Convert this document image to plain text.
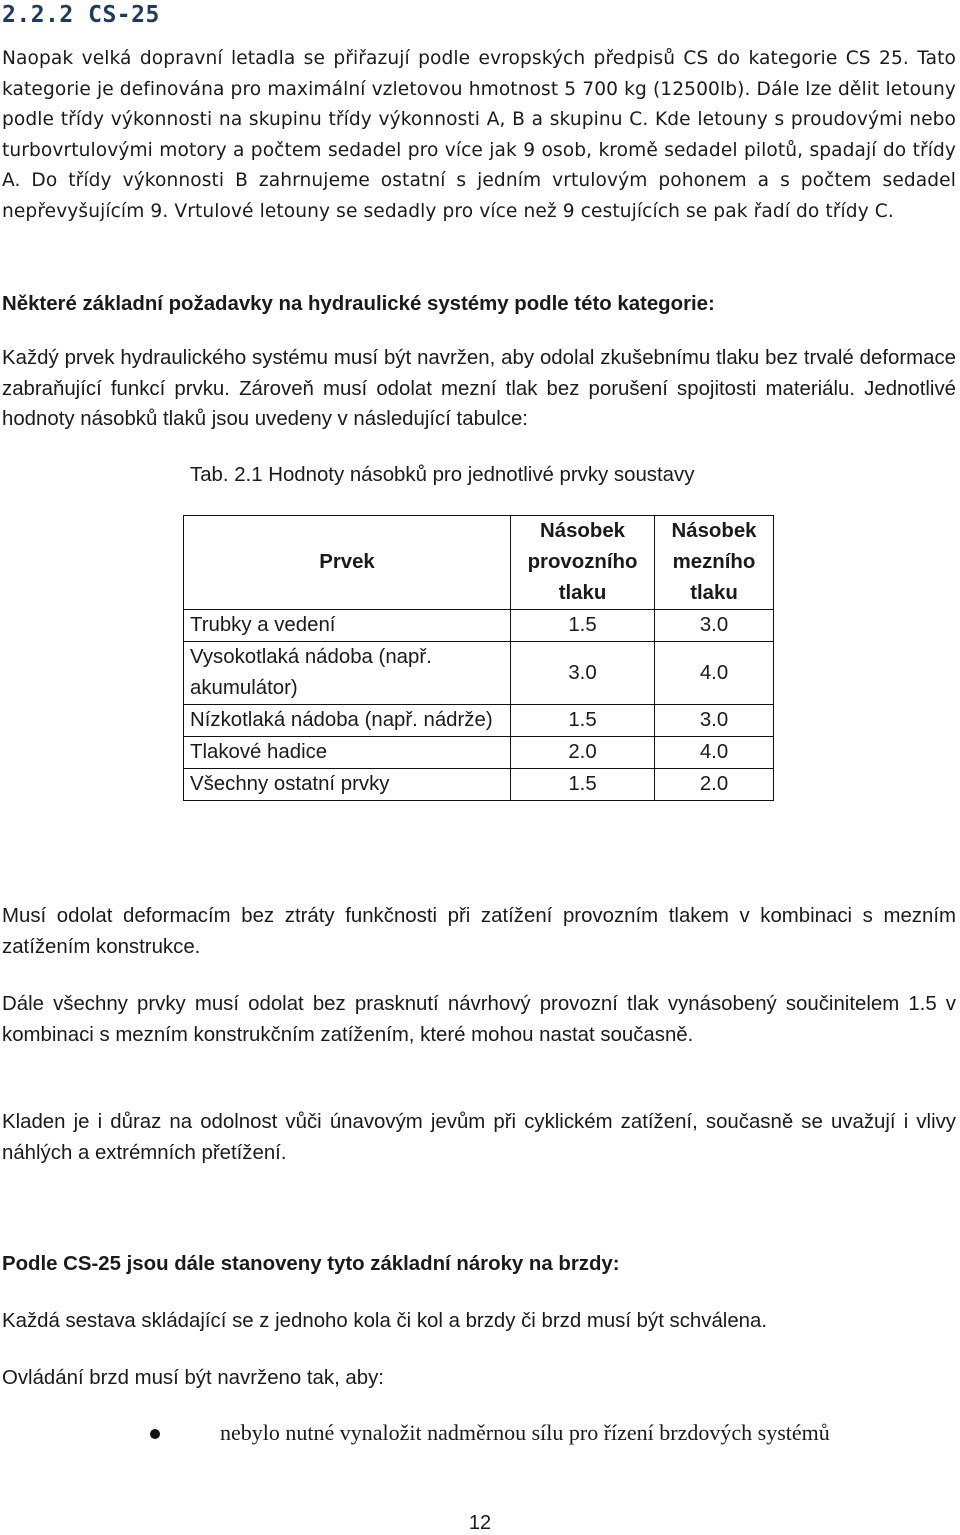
2.2.2 CS-25

Naopak velká dopravní letadla se přiřazují podle evropských předpisů CS do kategorie CS 25. Tato kategorie je definována pro maximální vzletovou hmotnost 5 700 kg (12500lb). Dále lze dělit letouny podle třídy výkonnosti na skupinu třídy výkonnosti A, B a skupinu C. Kde letouny s proudovými nebo turbovrtulovými motory a počtem sedadel pro více jak 9 osob, kromě sedadel pilotů, spadají do třídy A. Do třídy výkonnosti B zahrnujeme ostatní s jedním vrtulovým pohonem a s počtem sedadel nepřevyšujícím 9. Vrtulové letouny se sedadly pro více než 9 cestujících se pak řadí do třídy C.

Některé základní požadavky na hydraulické systémy podle této kategorie:

Každý prvek hydraulického systému musí být navržen, aby odolal zkušebnímu tlaku bez trvalé deformace zabraňující funkcí prvku. Zároveň musí odolat mezní tlak bez porušení spojitosti materiálu. Jednotlivé hodnoty násobků tlaků jsou uvedeny v následující tabulce:

Tab. 2.1 Hodnoty násobků pro jednotlivé prvky soustavy

Prvek	Násobek provozního tlaku	Násobek mezního tlaku
Trubky a vedení	1.5	3.0
Vysokotlaká nádoba (např. akumulátor)	3.0	4.0
Nízkotlaká nádoba (např. nádrže)	1.5	3.0
Tlakové hadice	2.0	4.0
Všechny ostatní prvky	1.5	2.0

Musí odolat deformacím bez ztráty funkčnosti při zatížení provozním tlakem v kombinaci s mezním zatížením konstrukce.

Dále všechny prvky musí odolat bez prasknutí návrhový provozní tlak vynásobený součinitelem 1.5 v kombinaci s mezním konstrukčním zatížením, které mohou nastat současně.

Kladen je i důraz na odolnost vůči únavovým jevům při cyklickém zatížení, současně se uvažují i vlivy náhlých a extrémních přetížení.

Podle CS-25 jsou dále stanoveny tyto základní nároky na brzdy:

Každá sestava skládající se z jednoho kola či kol a brzdy či brzd musí být schválena.

Ovládání brzd musí být navrženo tak, aby:

nebylo nutné vynaložit nadměrnou sílu pro řízení brzdových systémů
12
